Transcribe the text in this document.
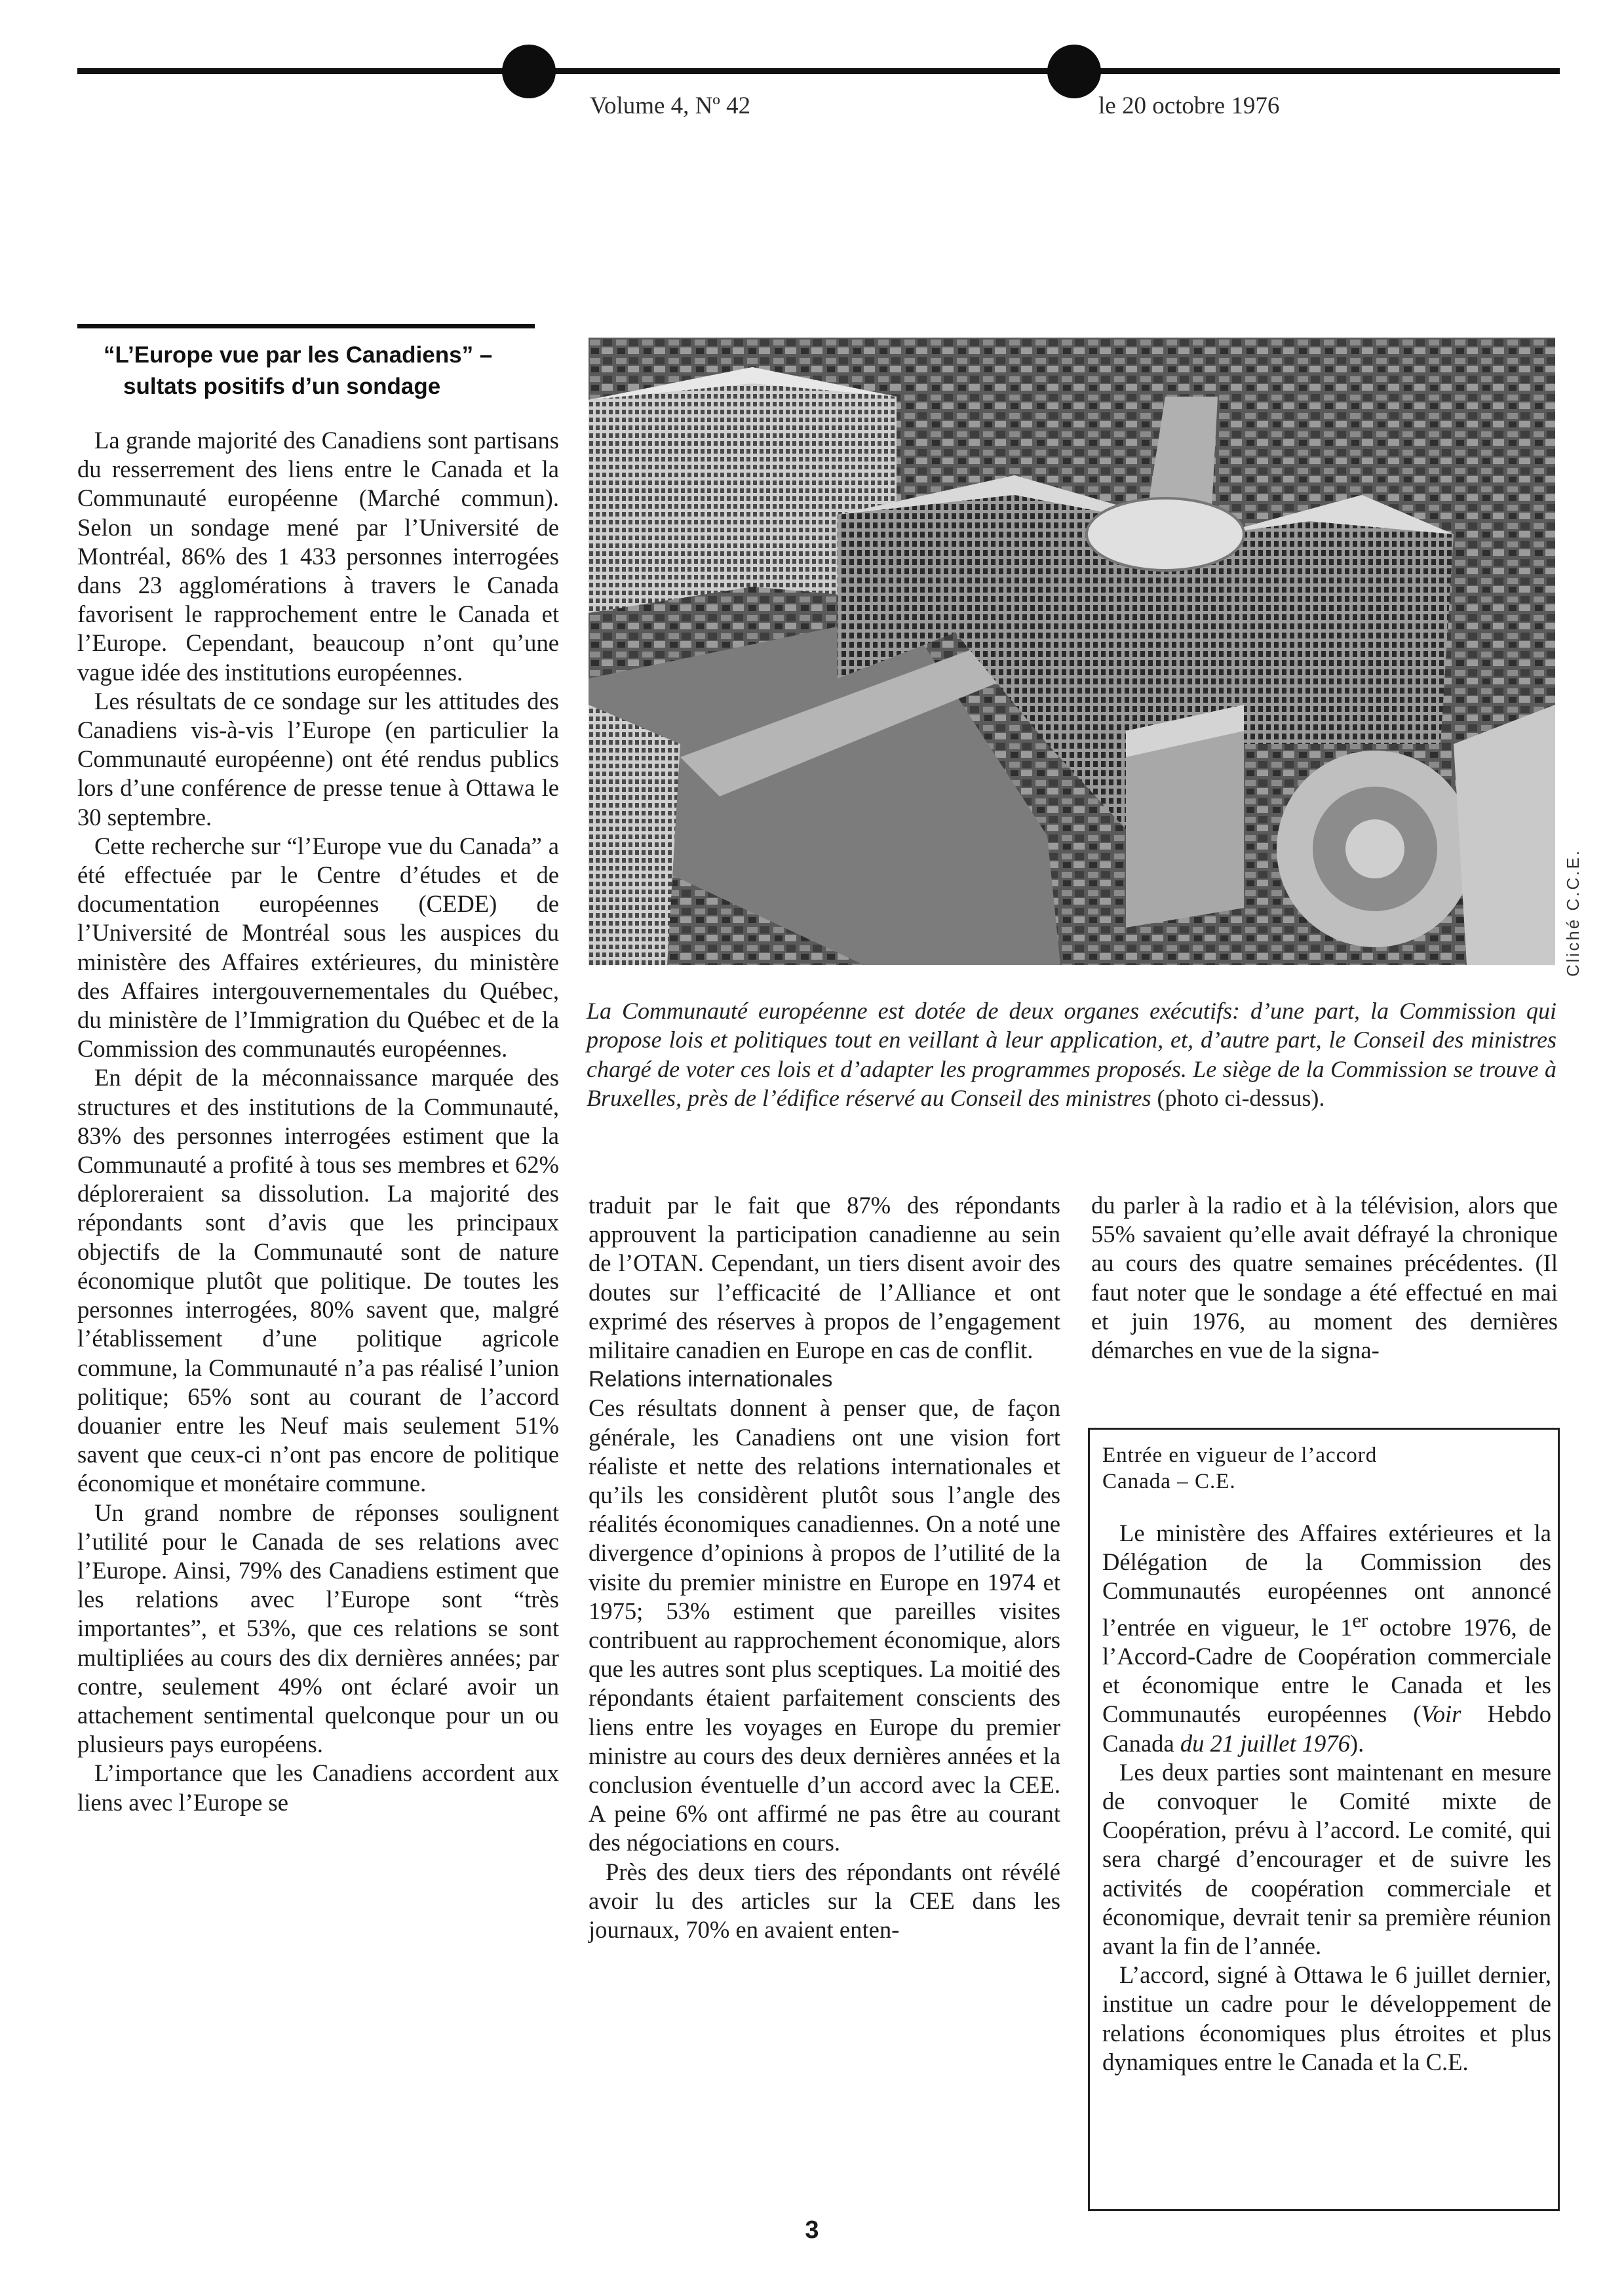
Volume 4, Nº 42	le 20 octobre 1976
“L’Europe vue par les Canadiens” –
sultats positifs d’un sondage

La grande majorité des Canadiens sont partisans du resserrement des liens entre le Canada et la Communauté européenne (Marché commun). Selon un sondage mené par l’Université de Montréal, 86% des 1 433 personnes interrogées dans 23 agglomérations à travers le Canada favorisent le rapprochement entre le Canada et l’Europe. Cependant, beaucoup n’ont qu’une vague idée des institutions européennes.

Les résultats de ce sondage sur les attitudes des Canadiens vis-à-vis l’Europe (en particulier la Communauté européenne) ont été rendus publics lors d’une conférence de presse tenue à Ottawa le 30 septembre.

Cette recherche sur “l’Europe vue du Canada” a été effectuée par le Centre d’études et de documentation européennes (CEDE) de l’Université de Montréal sous les auspices du ministère des Affaires extérieures, du ministère des Affaires intergouvernementales du Québec, du ministère de l’Immigration du Québec et de la Commission des communautés européennes.

En dépit de la méconnaissance marquée des structures et des institutions de la Communauté, 83% des personnes interrogées estiment que la Communauté a profité à tous ses membres et 62% déploreraient sa dissolution. La majorité des répondants sont d’avis que les principaux objectifs de la Communauté sont de nature économique plutôt que politique. De toutes les personnes interrogées, 80% savent que, malgré l’établissement d’une politique agricole commune, la Communauté n’a pas réalisé l’union politique; 65% sont au courant de l’accord douanier entre les Neuf mais seulement 51% savent que ceux-ci n’ont pas encore de politique économique et monétaire commune.

Un grand nombre de réponses soulignent l’utilité pour le Canada de ses relations avec l’Europe. Ainsi, 79% des Canadiens estiment que les relations avec l’Europe sont “très importantes”, et 53%, que ces relations se sont multipliées au cours des dix dernières années; par contre, seulement 49% ont éclaré avoir un attachement sentimental quelconque pour un ou plusieurs pays européens.

L’importance que les Canadiens accordent aux liens avec l’Europe se

Cliché C.C.E.
La Communauté européenne est dotée de deux organes exécutifs: d’une part, la Commission qui propose lois et politiques tout en veillant à leur application, et, d’autre part, le Conseil des ministres chargé de voter ces lois et d’adapter les programmes proposés. Le siège de la Commission se trouve à Bruxelles, près de l’édifice réservé au Conseil des ministres (photo ci-dessus).

traduit par le fait que 87% des répondants approuvent la participation canadienne au sein de l’OTAN. Cependant, un tiers disent avoir des doutes sur l’efficacité de l’Alliance et ont exprimé des réserves à propos de l’engagement militaire canadien en Europe en cas de conflit.

Relations internationales

Ces résultats donnent à penser que, de façon générale, les Canadiens ont une vision fort réaliste et nette des relations internationales et qu’ils les considèrent plutôt sous l’angle des réalités économiques canadiennes. On a noté une divergence d’opinions à propos de l’utilité de la visite du premier ministre en Europe en 1974 et 1975; 53% estiment que pareilles visites contribuent au rapprochement économique, alors que les autres sont plus sceptiques. La moitié des répondants étaient parfaitement conscients des liens entre les voyages en Europe du premier ministre au cours des deux dernières années et la conclusion éventuelle d’un accord avec la CEE. A peine 6% ont affirmé ne pas être au courant des négociations en cours.

Près des deux tiers des répondants ont révélé avoir lu des articles sur la CEE dans les journaux, 70% en avaient enten-

du parler à la radio et à la télévision, alors que 55% savaient qu’elle avait défrayé la chronique au cours des quatre semaines précédentes. (Il faut noter que le sondage a été effectué en mai et juin 1976, au moment des dernières démarches en vue de la signa-

Entrée en vigueur de l’accord
Canada – C.E.

Le ministère des Affaires extérieures et la Délégation de la Commission des Communautés européennes ont annoncé l’entrée en vigueur, le 1er octobre 1976, de l’Accord-Cadre de Coopération commerciale et économique entre le Canada et les Communautés européennes (Voir Hebdo Canada du 21 juillet 1976).

Les deux parties sont maintenant en mesure de convoquer le Comité mixte de Coopération, prévu à l’accord. Le comité, qui sera chargé d’encourager et de suivre les activités de coopération commerciale et économique, devrait tenir sa première réunion avant la fin de l’année.

L’accord, signé à Ottawa le 6 juillet dernier, institue un cadre pour le développement de relations économiques plus étroites et plus dynamiques entre le Canada et la C.E.

3
